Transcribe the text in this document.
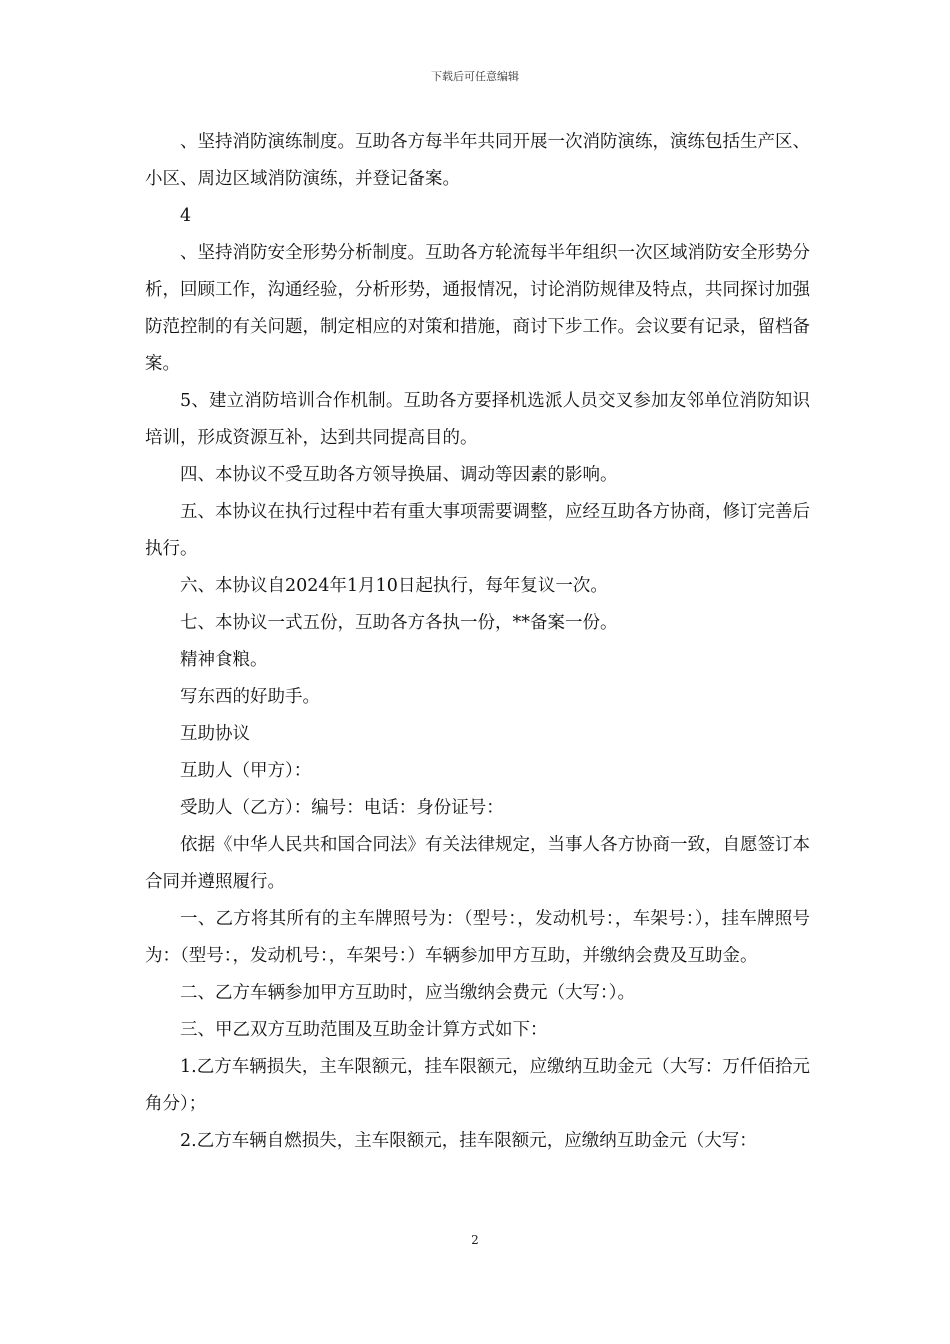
下载后可任意编辑

、坚持消防演练制度。互助各方每半年共同开展一次消防演练，演练包括生产区、小区、周边区域消防演练，并登记备案。

4

、坚持消防安全形势分析制度。互助各方轮流每半年组织一次区域消防安全形势分析，回顾工作，沟通经验，分析形势，通报情况，讨论消防规律及特点，共同探讨加强防范控制的有关问题，制定相应的对策和措施，商讨下步工作。会议要有记录，留档备案。

5、建立消防培训合作机制。互助各方要择机选派人员交叉参加友邻单位消防知识培训，形成资源互补，达到共同提高目的。

四、本协议不受互助各方领导换届、调动等因素的影响。

五、本协议在执行过程中若有重大事项需要调整，应经互助各方协商，修订完善后执行。

六、本协议自2024年1月10日起执行，每年复议一次。

七、本协议一式五份，互助各方各执一份，**备案一份。

精神食粮。

写东西的好助手。

互助协议

互助人（甲方）：

受助人（乙方）：编号：电话：身份证号：

依据《中华人民共和国合同法》有关法律规定，当事人各方协商一致，自愿签订本合同并遵照履行。

一、乙方将其所有的主车牌照号为：（型号：，发动机号：，车架号：），挂车牌照号为：（型号：，发动机号：，车架号：）车辆参加甲方互助，并缴纳会费及互助金。

二、乙方车辆参加甲方互助时，应当缴纳会费元（大写：）。

三、甲乙双方互助范围及互助金计算方式如下：

1.乙方车辆损失，主车限额元，挂车限额元，应缴纳互助金元（大写：万仟佰拾元角分）；

2.乙方车辆自燃损失，主车限额元，挂车限额元，应缴纳互助金元（大写：

2
